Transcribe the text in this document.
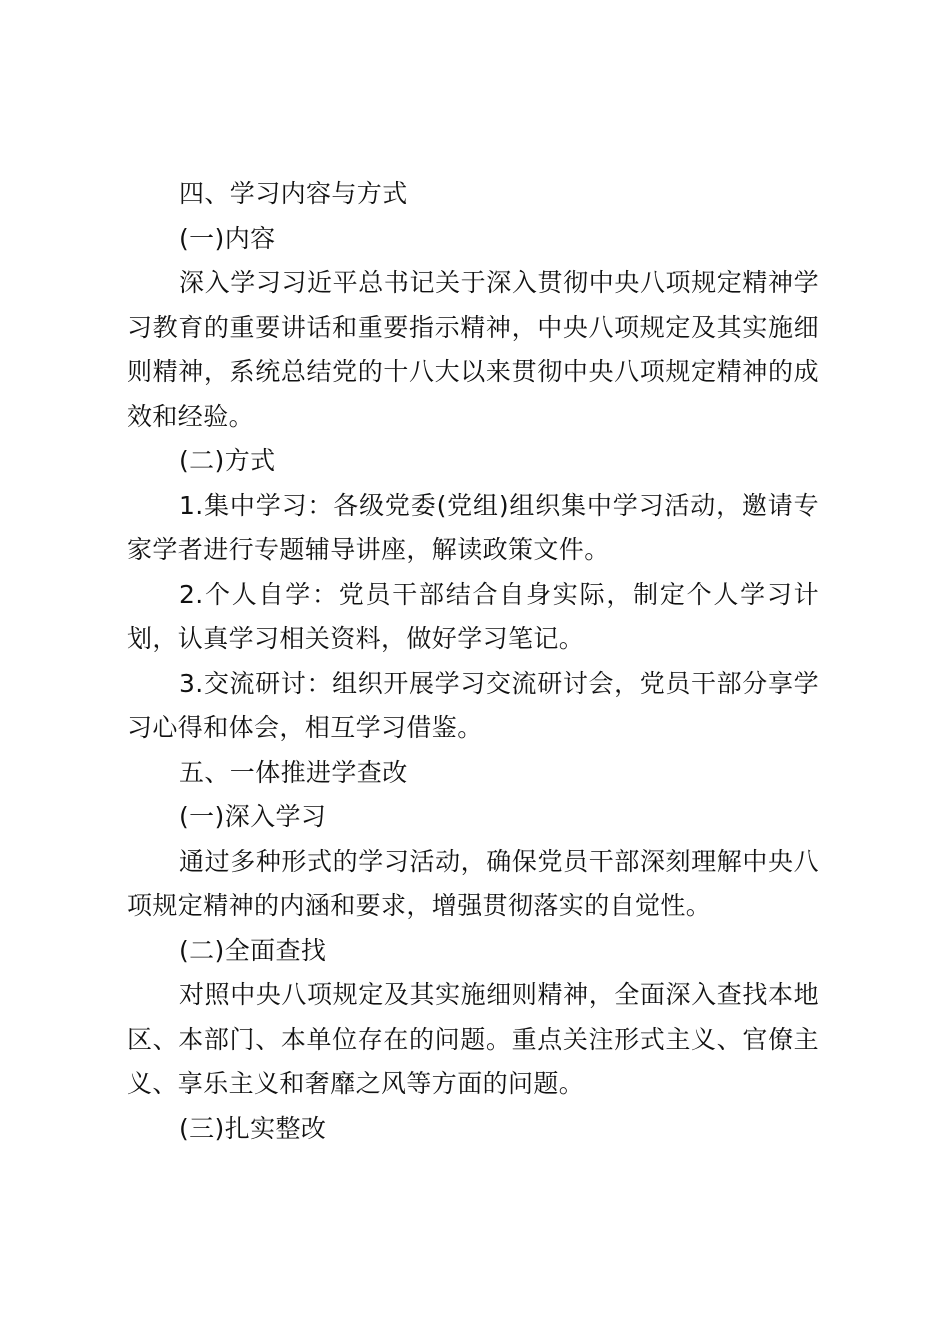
四、学习内容与方式
(一)内容
深入学习习近平总书记关于深入贯彻中央八项规定精神学
习教育的重要讲话和重要指示精神，中央八项规定及其实施细
则精神，系统总结党的十八大以来贯彻中央八项规定精神的成
效和经验。
(二)方式
1.集中学习：各级党委(党组)组织集中学习活动，邀请专
家学者进行专题辅导讲座，解读政策文件。
2.个人自学：党员干部结合自身实际，制定个人学习计
划，认真学习相关资料，做好学习笔记。
3.交流研讨：组织开展学习交流研讨会，党员干部分享学
习心得和体会，相互学习借鉴。
五、一体推进学查改
(一)深入学习
通过多种形式的学习活动，确保党员干部深刻理解中央八
项规定精神的内涵和要求，增强贯彻落实的自觉性。
(二)全面查找
对照中央八项规定及其实施细则精神，全面深入查找本地
区、本部门、本单位存在的问题。重点关注形式主义、官僚主
义、享乐主义和奢靡之风等方面的问题。
(三)扎实整改
